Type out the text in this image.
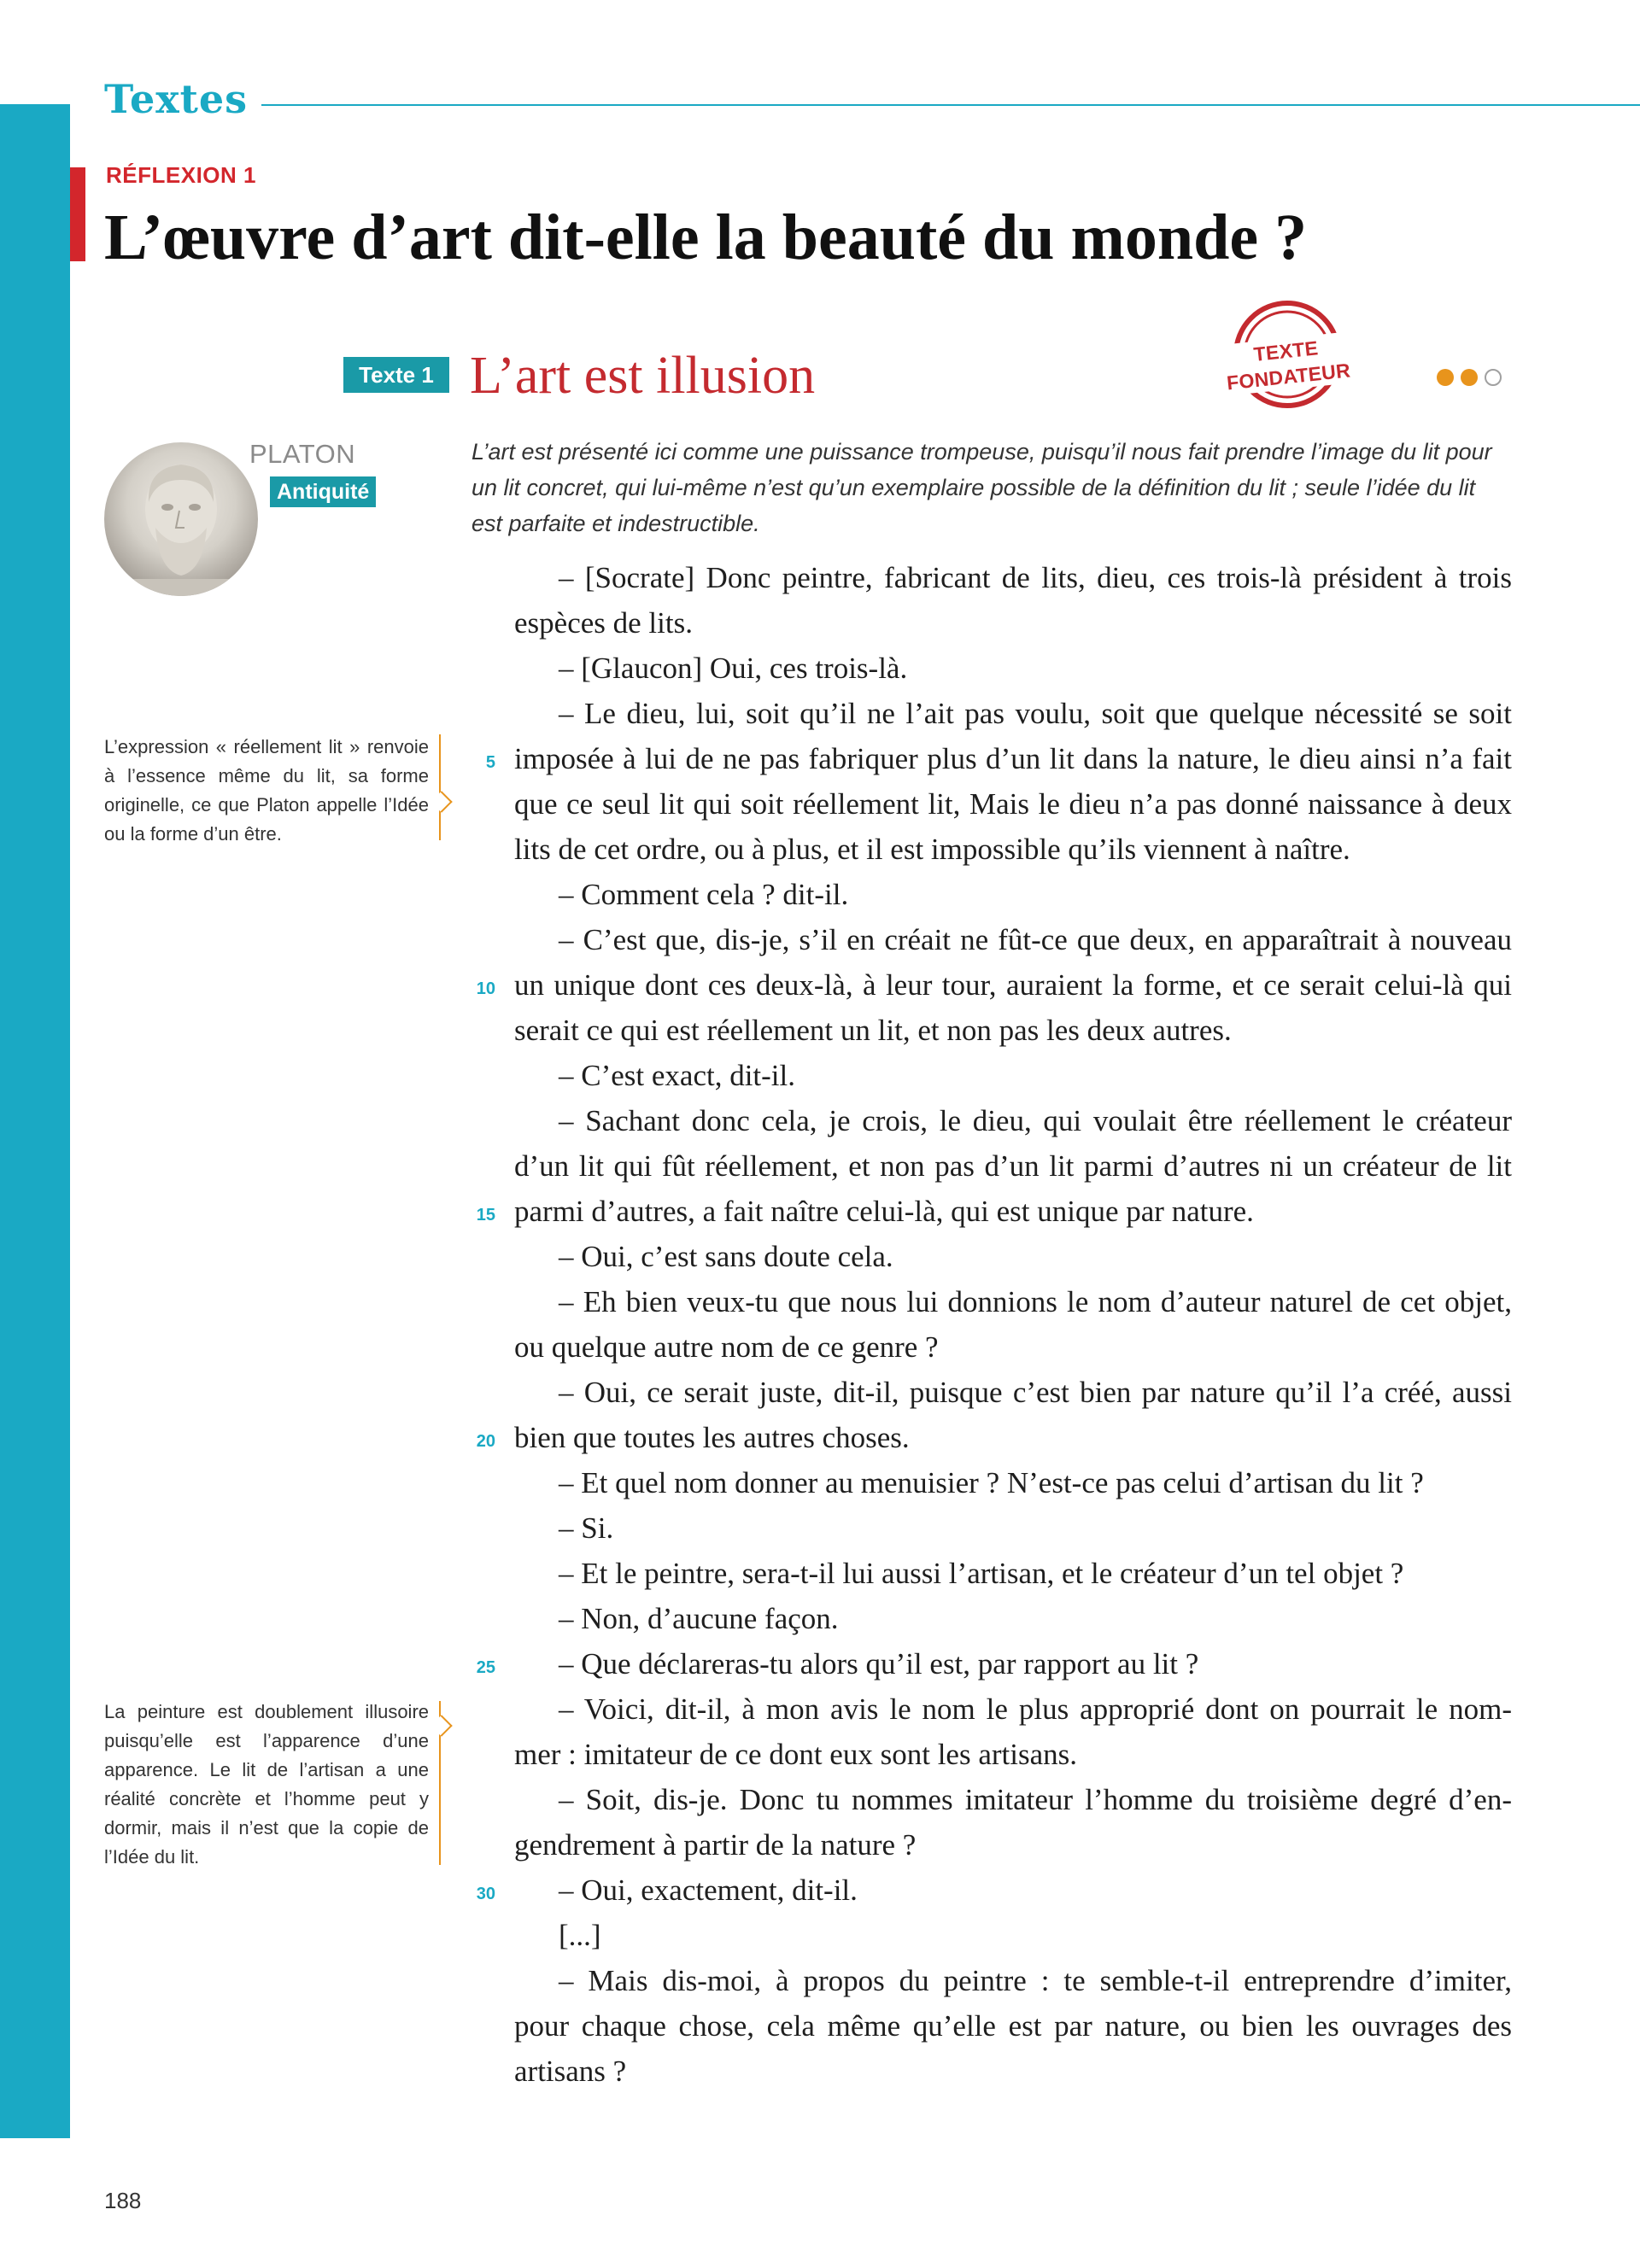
Textes
RÉFLEXION 1
L’œuvre d’art dit-elle la beauté du monde ?
Texte 1 L’art est illusion	TEXTE FONDATEUR
PLATON
Antiquité

L’art est présenté ici comme une puissance trompeuse, puisqu’il nous fait prendre l’image du lit pour un lit concret, qui lui-même n’est qu’un exemplaire possible de la définition du lit ; seule l’idée du lit est parfaite et indestructible.

L’expression « réellement lit » renvoie à l’essence même du lit, sa forme originelle, ce que Platon appelle l’Idée ou la forme d’un être.

La peinture est doublement illusoire puisqu’elle est l’apparence d’une apparence. Le lit de l’artisan a une réalité concrète et l’homme peut y dormir, mais il n’est que la copie de l’Idée du lit.

5
10
15
20
25
30
– [Socrate] Donc peintre, fabricant de lits, dieu, ces trois-là président à trois
espèces de lits.
– [Glaucon] Oui, ces trois-là.
– Le dieu, lui, soit qu’il ne l’ait pas voulu, soit que quelque nécessité se soit
imposée à lui de ne pas fabriquer plus d’un lit dans la nature, le dieu ainsi n’a fait
que ce seul lit qui soit réellement lit, Mais le dieu n’a pas donné naissance à deux
lits de cet ordre, ou à plus, et il est impossible qu’ils viennent à naître.
– Comment cela ? dit-il.
– C’est que, dis-je, s’il en créait ne fût-ce que deux, en apparaîtrait à nouveau
un unique dont ces deux-là, à leur tour, auraient la forme, et ce serait celui-là qui
serait ce qui est réellement un lit, et non pas les deux autres.
– C’est exact, dit-il.
– Sachant donc cela, je crois, le dieu, qui voulait être réellement le créateur
d’un lit qui fût réellement, et non pas d’un lit parmi d’autres ni un créateur de lit
parmi d’autres, a fait naître celui-là, qui est unique par nature.
– Oui, c’est sans doute cela.
– Eh bien veux-tu que nous lui donnions le nom d’auteur naturel de cet objet,
ou quelque autre nom de ce genre ?
– Oui, ce serait juste, dit-il, puisque c’est bien par nature qu’il l’a créé, aussi
bien que toutes les autres choses.
– Et quel nom donner au menuisier ? N’est-ce pas celui d’artisan du lit ?
– Si.
– Et le peintre, sera-t-il lui aussi l’artisan, et le créateur d’un tel objet ?
– Non, d’aucune façon.
– Que déclareras-tu alors qu’il est, par rapport au lit ?
– Voici, dit-il, à mon avis le nom le plus approprié dont on pourrait le nom-
mer : imitateur de ce dont eux sont les artisans.
– Soit, dis-je. Donc tu nommes imitateur l’homme du troisième degré d’en-
gendrement à partir de la nature ?
– Oui, exactement, dit-il.
[...]
– Mais dis-moi, à propos du peintre : te semble-t-il entreprendre d’imiter,
pour chaque chose, cela même qu’elle est par nature, ou bien les ouvrages des
artisans ?
188
